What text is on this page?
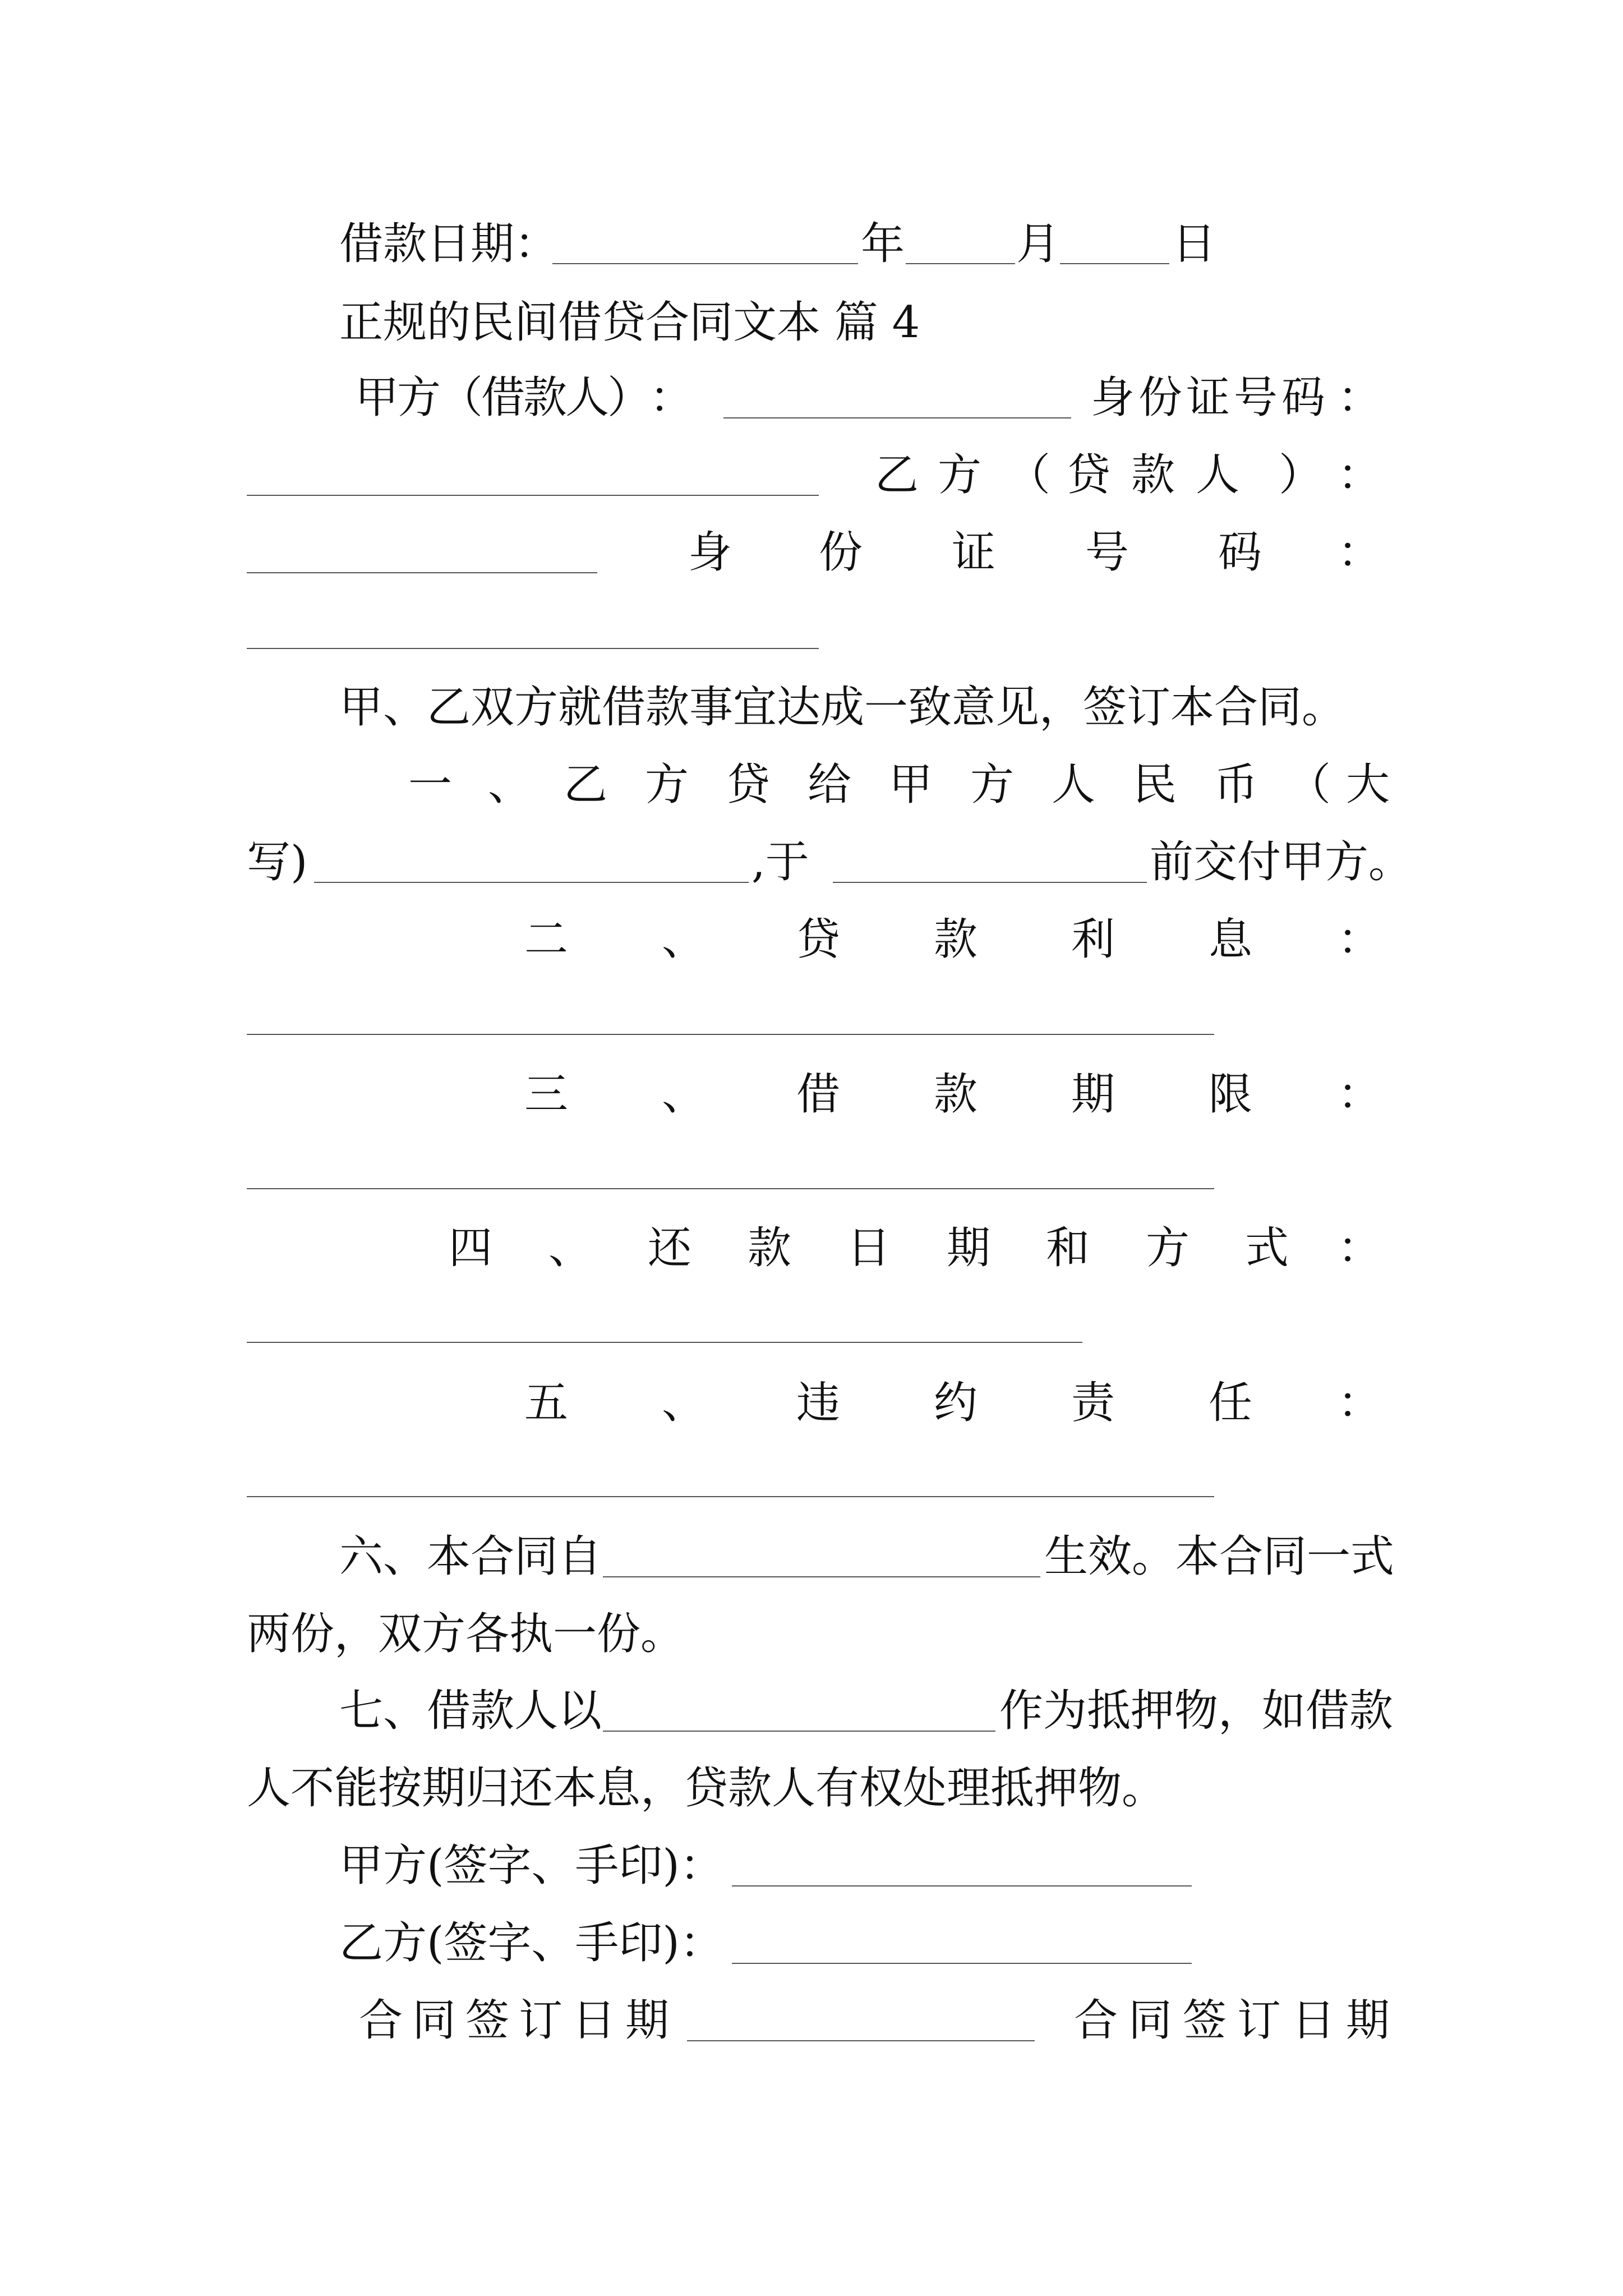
借款日期：	年	月	日
正规的民间借贷合同文本 篇 4
甲
方
（
借
款
人
）
：	身 份 证 号 码 ：
乙 方 （ 贷 款 人 ） ：
身 份 证 号 码 ：
甲、乙双方就借款事宜达成一致意见，签订本合同。
一 、 乙 方 贷 给 甲 方 人 民 币 （ 大
写)	,于	前交付甲方。
二 、 贷 款 利 息 ：
三 、 借 款 期 限 ：
四 、 还 款 日 期 和 方 式 ：
五 、 违 约 责 任 ：
六、本合同自	生效。本合同一式
两份，双方各执一份。
七、借款人以	作为抵押物，如借款
人不能按期归还本息，贷款人有权处理抵押物。
甲方(签字、手印)：
乙方(签字、手印)：
合 同 签 订 日 期	合 同 签 订 日 期
